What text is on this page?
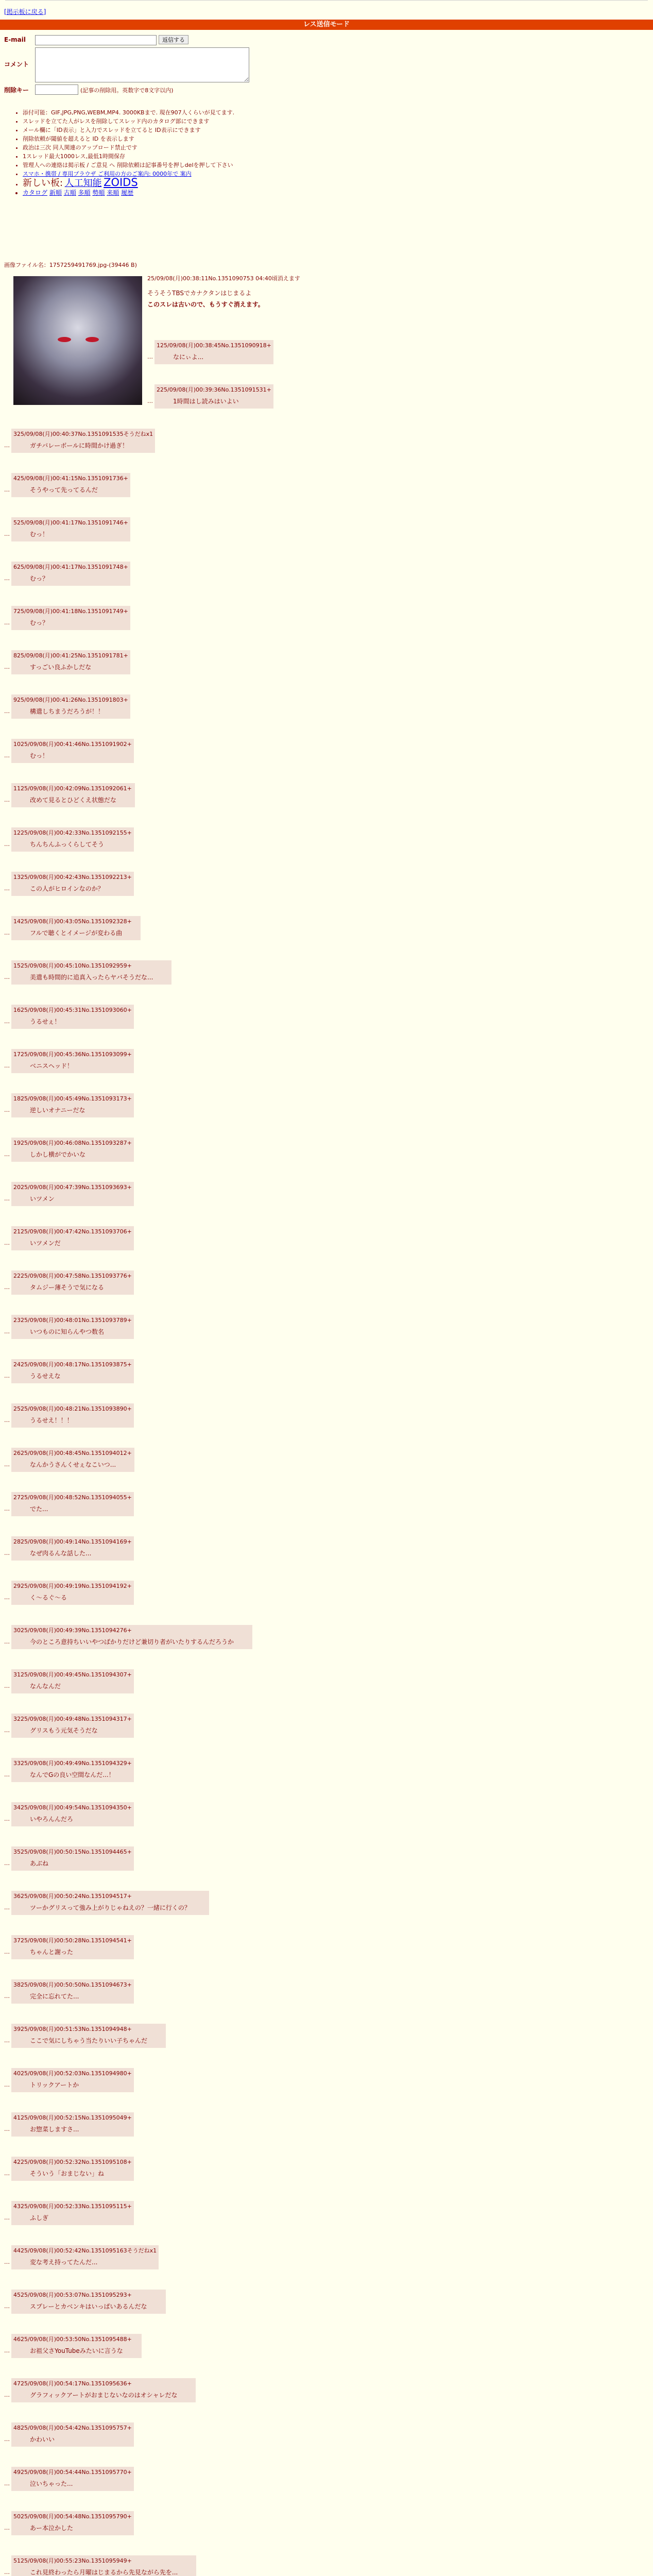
[掲示板に戻る]
レス送信モード
E-mail	返信する
コメント
削除キー	(記事の削除用。英数字で8文字以内)
• 添付可能：GIF,JPG,PNG,WEBM,MP4. 3000KBまで. 現在907人くらいが見てます.
• スレッドを立てた人がレスを削除してスレッド内のカタログ部にできます
• メール欄に「ID表示」と入力でスレッドを立てると ID表示にできます
• 削除依頼が閾値を超えると ID を表示します
• 政治は三次 同人関連のアップロード禁止です
• 1スレッド最大1000レス,最低1時間保存
• 管理人への連絡は掲示板 / ご意見 へ 削除依頼は記事番号を押しdelを押して下さい
• スマホ・携帯 / 専用ブラウザ ご利用の方のご案内: 0000年で 案内
• 新しい板: 人工知能 ZOIDS
• カタログ 新順 古順 多順 勢順 来順 履歴
画像ファイル名：1757259491769.jpg-(39446 B)
25/09/08(月)00:38:11No.1351090753 04:40頃消えます
そうそうTBSでカナクタンはじまるよ
このスレは古いので、もうすぐ消えます。
…
125/09/08(月)00:38:45No.1351090918+
なにぃよ...
…
225/09/08(月)00:39:36No.1351091531+
1時間はし読みはいよい
…
325/09/08(月)00:40:37No.1351091535そうだねx1
ガチバレーボールに時間かけ過ぎ！
…
425/09/08(月)00:41:15No.1351091736+
そうやって先ってるんだ
…
525/09/08(月)00:41:17No.1351091746+
むっ！
…
625/09/08(月)00:41:17No.1351091748+
むっ？
…
725/09/08(月)00:41:18No.1351091749+
むっ？
…
825/09/08(月)00:41:25No.1351091781+
すっごい良ふかしだな
…
925/09/08(月)00:41:26No.1351091803+
構遣しちまうだろうが！！
…
1025/09/08(月)00:41:46No.1351091902+
むっ！
…
1125/09/08(月)00:42:09No.1351092061+
改めて見るとひどくえ状態だな
…
1225/09/08(月)00:42:33No.1351092155+
ちんちんふっくらしてそう
…
1325/09/08(月)00:42:43No.1351092213+
この人がヒロインなのか？
…
1425/09/08(月)00:43:05No.1351092328+
フルで聴くとイメージが変わる曲
…
1525/09/08(月)00:45:10No.1351092959+
美遣も時間的に追真入ったらヤバそうだな...
…
1625/09/08(月)00:45:31No.1351093060+
うるせぇ！
…
1725/09/08(月)00:45:36No.1351093099+
ベニスヘッド！
…
1825/09/08(月)00:45:49No.1351093173+
逆しいオナニーだな
…
1925/09/08(月)00:46:08No.1351093287+
しかし横がでかいな
…
2025/09/08(月)00:47:39No.1351093693+
いツメン
…
2125/09/08(月)00:47:42No.1351093706+
いツメンだ
…
2225/09/08(月)00:47:58No.1351093776+
タムジー薄そうで気になる
…
2325/09/08(月)00:48:01No.1351093789+
いつものに知らんやつ数名
…
2425/09/08(月)00:48:17No.1351093875+
うるせえな
…
2525/09/08(月)00:48:21No.1351093890+
うるせえ！！！
…
2625/09/08(月)00:48:45No.1351094012+
なんかうさんくせぇなこいつ...
…
2725/09/08(月)00:48:52No.1351094055+
でた...
…
2825/09/08(月)00:49:14No.1351094169+
なぜ肉るんな話した...
…
2925/09/08(月)00:49:19No.1351094192+
く〜るぐ〜る
…
3025/09/08(月)00:49:39No.1351094276+
今のところ意持ちいいやつばかりだけど兼切り者がいたりするんだろうか
…
3125/09/08(月)00:49:45No.1351094307+
なんなんだ
…
3225/09/08(月)00:49:48No.1351094317+
グリスもう元気そうだな
…
3325/09/08(月)00:49:49No.1351094329+
なんでGの良い空間なんだ...！
…
3425/09/08(月)00:49:54No.1351094350+
いやろんんだろ
…
3525/09/08(月)00:50:15No.1351094465+
あぶね
…
3625/09/08(月)00:50:24No.1351094517+
ツーかグリスって強み上がりじゃねえの？一緒に行くの？
…
3725/09/08(月)00:50:28No.1351094541+
ちゃんと謝った
…
3825/09/08(月)00:50:50No.1351094673+
完全に忘れてた...
…
3925/09/08(月)00:51:53No.1351094948+
ここで気にしちゃう当たりいい子ちゃんだ
…
4025/09/08(月)00:52:03No.1351094980+
トリックアートか
…
4125/09/08(月)00:52:15No.1351095049+
お惣菜しますさ...
…
4225/09/08(月)00:52:32No.1351095108+
そういう「おまじない」ね
…
4325/09/08(月)00:52:33No.1351095115+
ふしぎ
…
4425/09/08(月)00:52:42No.1351095163そうだねx1
変な考え持ってたんだ...
…
4525/09/08(月)00:53:07No.1351095293+
スプレーとカベンキはいっぱいあるんだな
…
4625/09/08(月)00:53:50No.1351095488+
お祖父さYouTubeみたいに言うな
…
4725/09/08(月)00:54:17No.1351095636+
グラフィックアートがおまじないなのはオシャレだな
…
4825/09/08(月)00:54:42No.1351095757+
かわいい
…
4925/09/08(月)00:54:44No.1351095770+
泣いちゃった...
…
5025/09/08(月)00:54:48No.1351095790+
あー本泣かした
…
5125/09/08(月)00:55:23No.1351095949+
これ見終わったら月曜はじまるから先見ながら先を...
